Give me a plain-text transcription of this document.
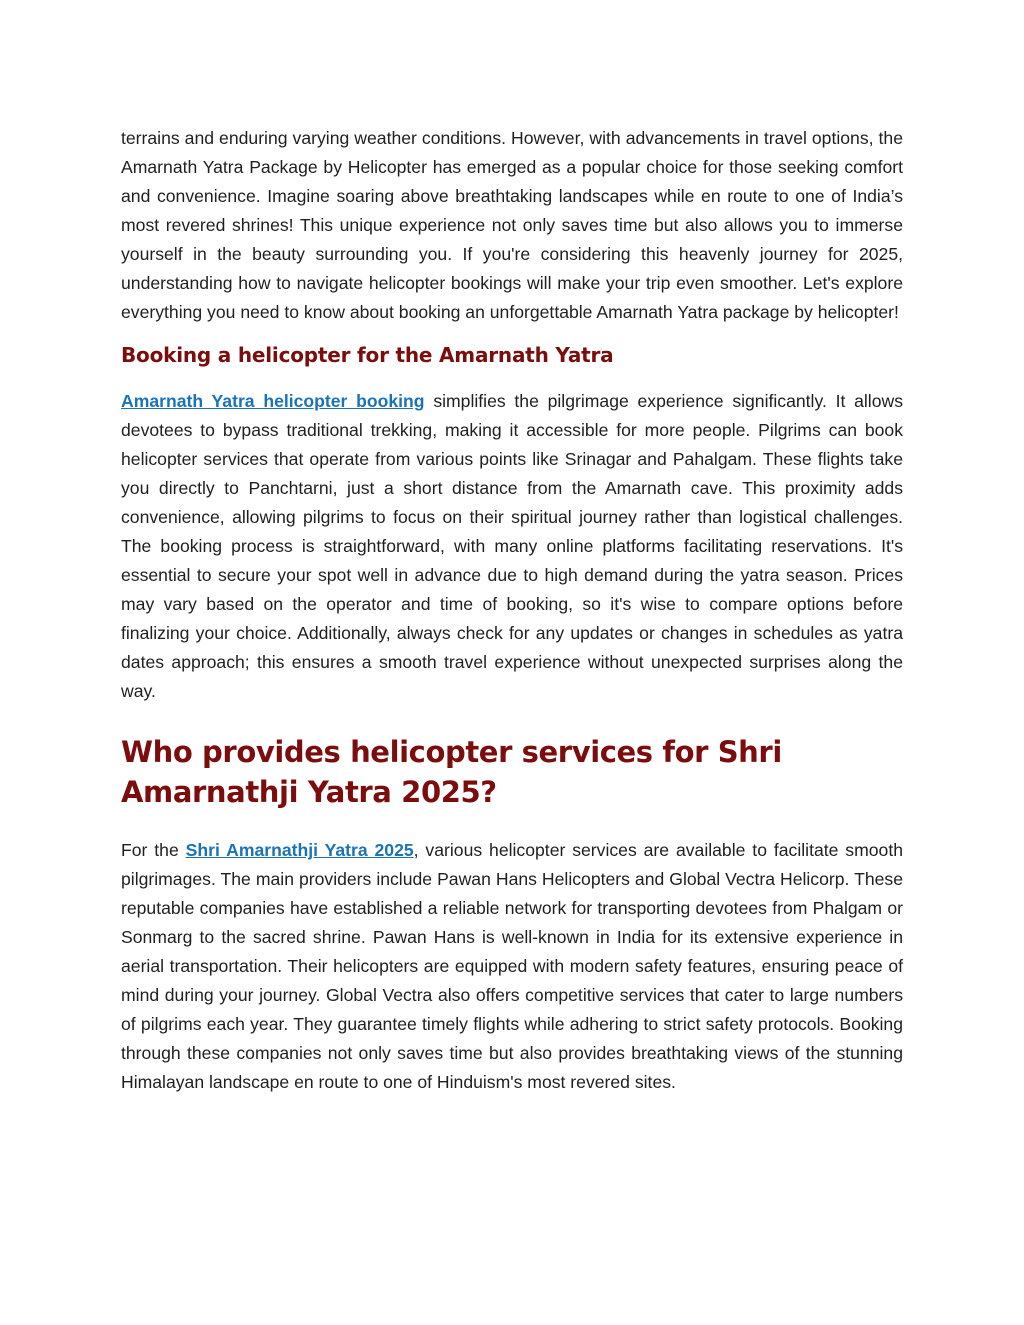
terrains and enduring varying weather conditions. However, with advancements in travel options, the Amarnath Yatra Package by Helicopter has emerged as a popular choice for those seeking comfort and convenience. Imagine soaring above breathtaking landscapes while en route to one of India’s most revered shrines! This unique experience not only saves time but also allows you to immerse yourself in the beauty surrounding you. If you're considering this heavenly journey for 2025, understanding how to navigate helicopter bookings will make your trip even smoother. Let's explore everything you need to know about booking an unforgettable Amarnath Yatra package by helicopter!

Booking a helicopter for the Amarnath Yatra

Amarnath Yatra helicopter booking simplifies the pilgrimage experience significantly. It allows devotees to bypass traditional trekking, making it accessible for more people. Pilgrims can book helicopter services that operate from various points like Srinagar and Pahalgam. These flights take you directly to Panchtarni, just a short distance from the Amarnath cave. This proximity adds convenience, allowing pilgrims to focus on their spiritual journey rather than logistical challenges. The booking process is straightforward, with many online platforms facilitating reservations. It's essential to secure your spot well in advance due to high demand during the yatra season. Prices may vary based on the operator and time of booking, so it's wise to compare options before finalizing your choice. Additionally, always check for any updates or changes in schedules as yatra dates approach; this ensures a smooth travel experience without unexpected surprises along the way.

Who provides helicopter services for Shri Amarnathji Yatra 2025?

For the Shri Amarnathji Yatra 2025, various helicopter services are available to facilitate smooth pilgrimages. The main providers include Pawan Hans Helicopters and Global Vectra Helicorp. These reputable companies have established a reliable network for transporting devotees from Phalgam or Sonmarg to the sacred shrine. Pawan Hans is well-known in India for its extensive experience in aerial transportation. Their helicopters are equipped with modern safety features, ensuring peace of mind during your journey. Global Vectra also offers competitive services that cater to large numbers of pilgrims each year. They guarantee timely flights while adhering to strict safety protocols. Booking through these companies not only saves time but also provides breathtaking views of the stunning Himalayan landscape en route to one of Hinduism's most revered sites.
